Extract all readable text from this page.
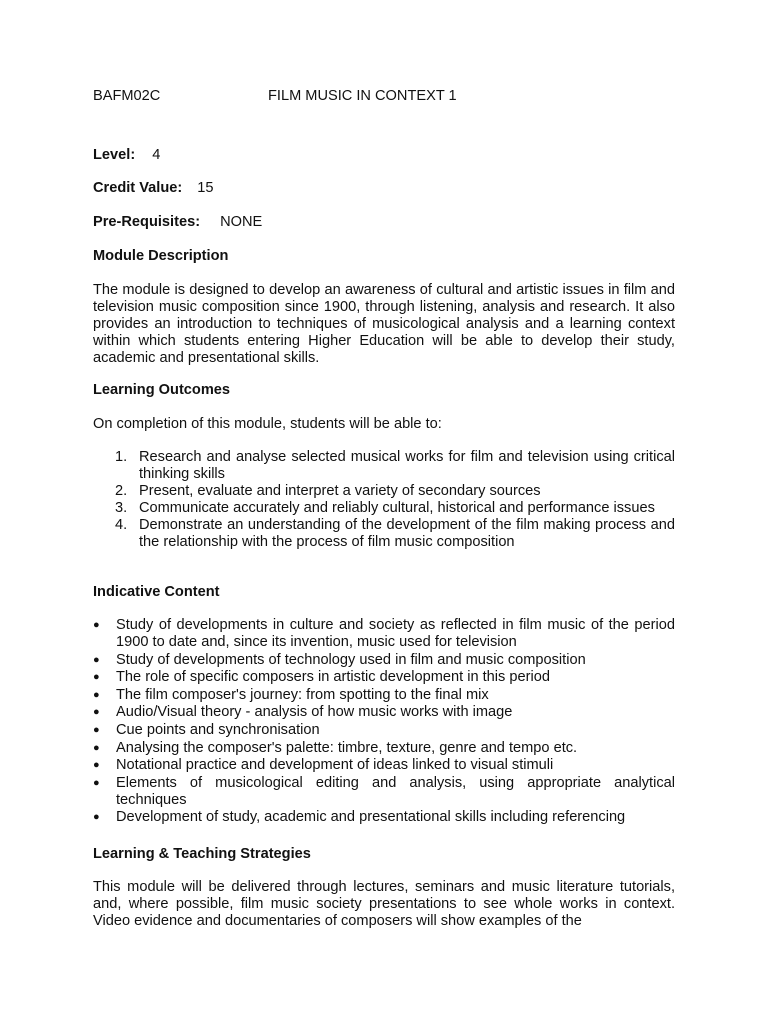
BAFM02C	FILM MUSIC IN CONTEXT 1
Level: 4
Credit Value: 15
Pre-Requisites: NONE
Module Description
The module is designed to develop an awareness of cultural and artistic issues in film and television music composition since 1900, through listening, analysis and research. It also provides an introduction to techniques of musicological analysis and a learning context within which students entering Higher Education will be able to develop their study, academic and presentational skills.
Learning Outcomes
On completion of this module, students will be able to:
1. Research and analyse selected musical works for film and television using critical thinking skills
2. Present, evaluate and interpret a variety of secondary sources
3. Communicate accurately and reliably cultural, historical and performance issues
4. Demonstrate an understanding of the development of the film making process and the relationship with the process of film music composition
Indicative Content
● Study of developments in culture and society as reflected in film music of the period 1900 to date and, since its invention, music used for television
● Study of developments of technology used in film and music composition
● The role of specific composers in artistic development in this period
● The film composer's journey: from spotting to the final mix
● Audio/Visual theory - analysis of how music works with image
● Cue points and synchronisation
● Analysing the composer's palette: timbre, texture, genre and tempo etc.
● Notational practice and development of ideas linked to visual stimuli
● Elements of musicological editing and analysis, using appropriate analytical techniques
● Development of study, academic and presentational skills including referencing
Learning & Teaching Strategies
This module will be delivered through lectures, seminars and music literature tutorials, and, where possible, film music society presentations to see whole works in context. Video evidence and documentaries of composers will show examples of the
